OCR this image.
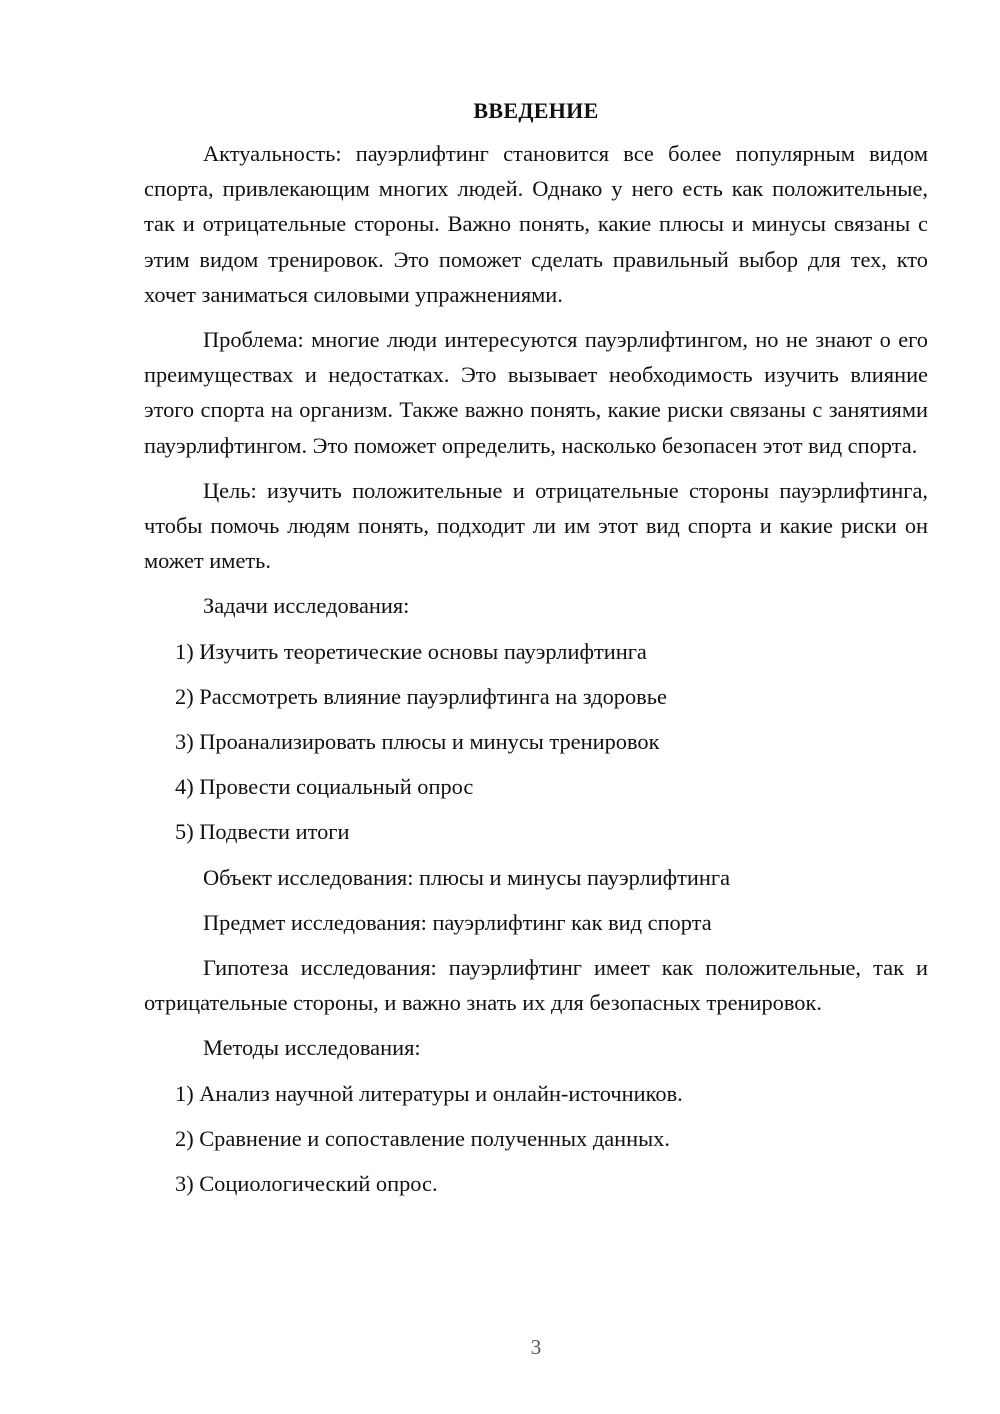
ВВЕДЕНИЕ

Актуальность: пауэрлифтинг становится все более популярным видом спорта, привлекающим многих людей. Однако у него есть как положительные, так и отрицательные стороны. Важно понять, какие плюсы и минусы связаны с этим видом тренировок. Это поможет сделать правильный выбор для тех, кто хочет заниматься силовыми упражнениями.

Проблема: многие люди интересуются пауэрлифтингом, но не знают о его преимуществах и недостатках. Это вызывает необходимость изучить влияние этого спорта на организм. Также важно понять, какие риски связаны с занятиями пауэрлифтингом. Это поможет определить, насколько безопасен этот вид спорта.

Цель: изучить положительные и отрицательные стороны пауэрлифтинга, чтобы помочь людям понять, подходит ли им этот вид спорта и какие риски он может иметь.

Задачи исследования:
1) Изучить теоретические основы пауэрлифтинга
2) Рассмотреть влияние пауэрлифтинга на здоровье
3) Проанализировать плюсы и минусы тренировок
4) Провести социальный опрос
5) Подвести итоги
Объект исследования: плюсы и минусы пауэрлифтинга
Предмет исследования: пауэрлифтинг как вид спорта

Гипотеза исследования: пауэрлифтинг имеет как положительные, так и отрицательные стороны, и важно знать их для безопасных тренировок.

Методы исследования:
1) Анализ научной литературы и онлайн-источников.
2) Сравнение и сопоставление полученных данных.
3) Социологический опрос.
3
